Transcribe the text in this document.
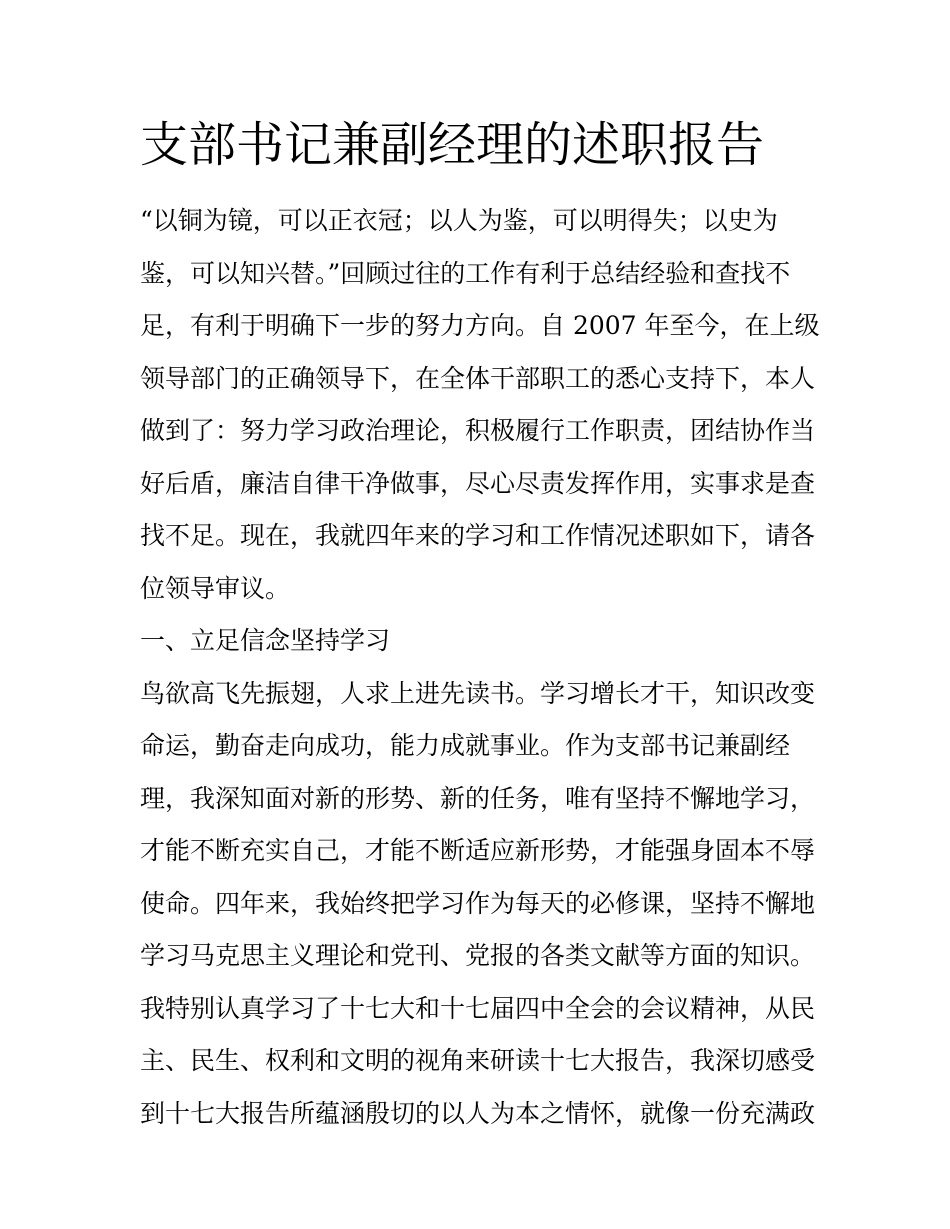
支部书记兼副经理的述职报告
“以铜为镜，可以正衣冠；以人为鉴，可以明得失；以史为
鉴，可以知兴替。”回顾过往的工作有利于总结经验和查找不
足，有利于明确下一步的努力方向。自 2007 年至今，在上级
领导部门的正确领导下，在全体干部职工的悉心支持下，本人
做到了：努力学习政治理论，积极履行工作职责，团结协作当
好后盾，廉洁自律干净做事，尽心尽责发挥作用，实事求是查
找不足。现在，我就四年来的学习和工作情况述职如下，请各
位领导审议。
一、立足信念坚持学习
鸟欲高飞先振翅，人求上进先读书。学习增长才干，知识改变
命运，勤奋走向成功，能力成就事业。作为支部书记兼副经
理，我深知面对新的形势、新的任务，唯有坚持不懈地学习，
才能不断充实自己，才能不断适应新形势，才能强身固本不辱
使命。四年来，我始终把学习作为每天的必修课，坚持不懈地
学习马克思主义理论和党刊、党报的各类文献等方面的知识。
我特别认真学习了十七大和十七届四中全会的会议精神，从民
主、民生、权利和文明的视角来研读十七大报告，我深切感受
到十七大报告所蕴涵殷切的以人为本之情怀，就像一份充满政
